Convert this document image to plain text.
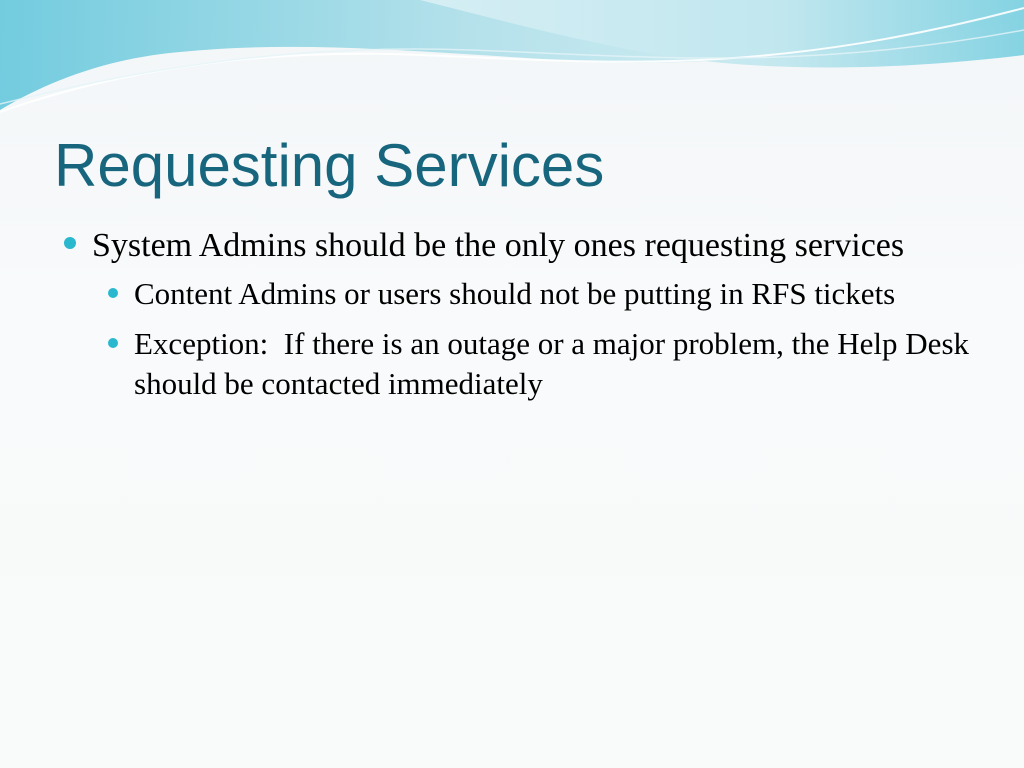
Requesting Services
System Admins should be the only ones requesting services
Content Admins or users should not be putting in RFS tickets
Exception:  If there is an outage or a major problem, the Help Desk should be contacted immediately
